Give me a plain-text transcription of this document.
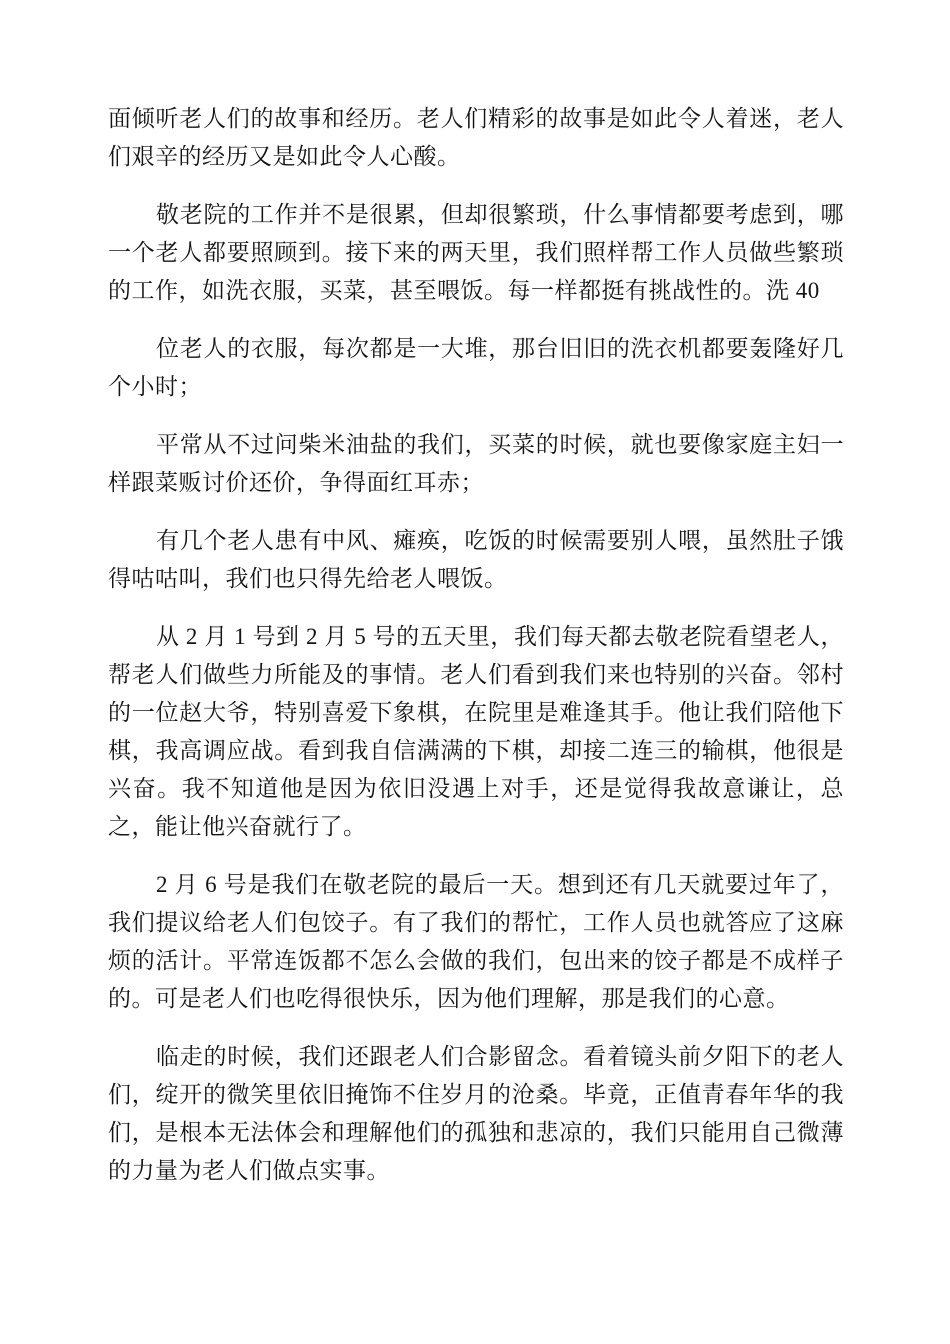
面倾听老人们的故事和经历。老人们精彩的故事是如此令人着迷，老人们艰辛的经历又是如此令人心酸。

敬老院的工作并不是很累，但却很繁琐，什么事情都要考虑到，哪一个老人都要照顾到。接下来的两天里，我们照样帮工作人员做些繁琐的工作，如洗衣服，买菜，甚至喂饭。每一样都挺有挑战性的。洗 40

位老人的衣服，每次都是一大堆，那台旧旧的洗衣机都要轰隆好几个小时；

平常从不过问柴米油盐的我们，买菜的时候，就也要像家庭主妇一样跟菜贩讨价还价，争得面红耳赤；

有几个老人患有中风、瘫痪，吃饭的时候需要别人喂，虽然肚子饿得咕咕叫，我们也只得先给老人喂饭。

从 2 月 1 号到 2 月 5 号的五天里，我们每天都去敬老院看望老人，帮老人们做些力所能及的事情。老人们看到我们来也特别的兴奋。邻村的一位赵大爷，特别喜爱下象棋，在院里是难逢其手。他让我们陪他下棋，我高调应战。看到我自信满满的下棋，却接二连三的输棋，他很是兴奋。我不知道他是因为依旧没遇上对手，还是觉得我故意谦让，总之，能让他兴奋就行了。

2 月 6 号是我们在敬老院的最后一天。想到还有几天就要过年了，我们提议给老人们包饺子。有了我们的帮忙，工作人员也就答应了这麻烦的活计。平常连饭都不怎么会做的我们，包出来的饺子都是不成样子的。可是老人们也吃得很快乐，因为他们理解，那是我们的心意。

临走的时候，我们还跟老人们合影留念。看着镜头前夕阳下的老人们，绽开的微笑里依旧掩饰不住岁月的沧桑。毕竟，正值青春年华的我们，是根本无法体会和理解他们的孤独和悲凉的，我们只能用自己微薄的力量为老人们做点实事。
